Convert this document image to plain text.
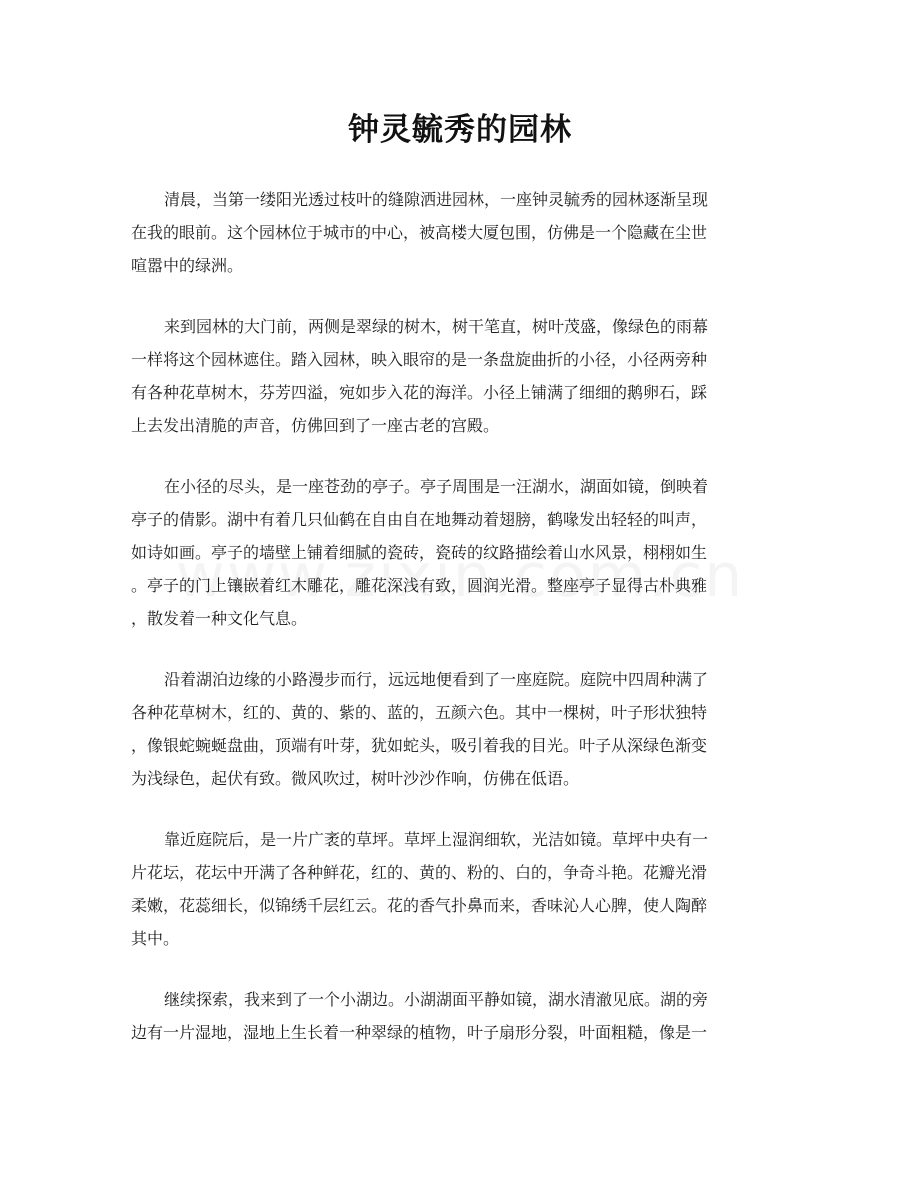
钟灵毓秀的园林

清晨，当第一缕阳光透过枝叶的缝隙洒进园林，一座钟灵毓秀的园林逐渐呈现
在我的眼前。这个园林位于城市的中心，被高楼大厦包围，仿佛是一个隐藏在尘世
喧嚣中的绿洲。

来到园林的大门前，两侧是翠绿的树木，树干笔直，树叶茂盛，像绿色的雨幕
一样将这个园林遮住。踏入园林，映入眼帘的是一条盘旋曲折的小径，小径两旁种
有各种花草树木，芬芳四溢，宛如步入花的海洋。小径上铺满了细细的鹅卵石，踩
上去发出清脆的声音，仿佛回到了一座古老的宫殿。

在小径的尽头，是一座苍劲的亭子。亭子周围是一汪湖水，湖面如镜，倒映着
亭子的倩影。湖中有着几只仙鹤在自由自在地舞动着翅膀，鹤喙发出轻轻的叫声，
如诗如画。亭子的墙壁上铺着细腻的瓷砖，瓷砖的纹路描绘着山水风景，栩栩如生
。亭子的门上镶嵌着红木雕花，雕花深浅有致，圆润光滑。整座亭子显得古朴典雅
，散发着一种文化气息。

沿着湖泊边缘的小路漫步而行，远远地便看到了一座庭院。庭院中四周种满了
各种花草树木，红的、黄的、紫的、蓝的，五颜六色。其中一棵树，叶子形状独特
，像银蛇蜿蜒盘曲，顶端有叶芽，犹如蛇头，吸引着我的目光。叶子从深绿色渐变
为浅绿色，起伏有致。微风吹过，树叶沙沙作响，仿佛在低语。

靠近庭院后，是一片广袤的草坪。草坪上湿润细软，光洁如镜。草坪中央有一
片花坛，花坛中开满了各种鲜花，红的、黄的、粉的、白的，争奇斗艳。花瓣光滑
柔嫩，花蕊细长，似锦绣千层红云。花的香气扑鼻而来，香味沁人心脾，使人陶醉
其中。

继续探索，我来到了一个小湖边。小湖湖面平静如镜，湖水清澈见底。湖的旁
边有一片湿地，湿地上生长着一种翠绿的植物，叶子扇形分裂，叶面粗糙，像是一
